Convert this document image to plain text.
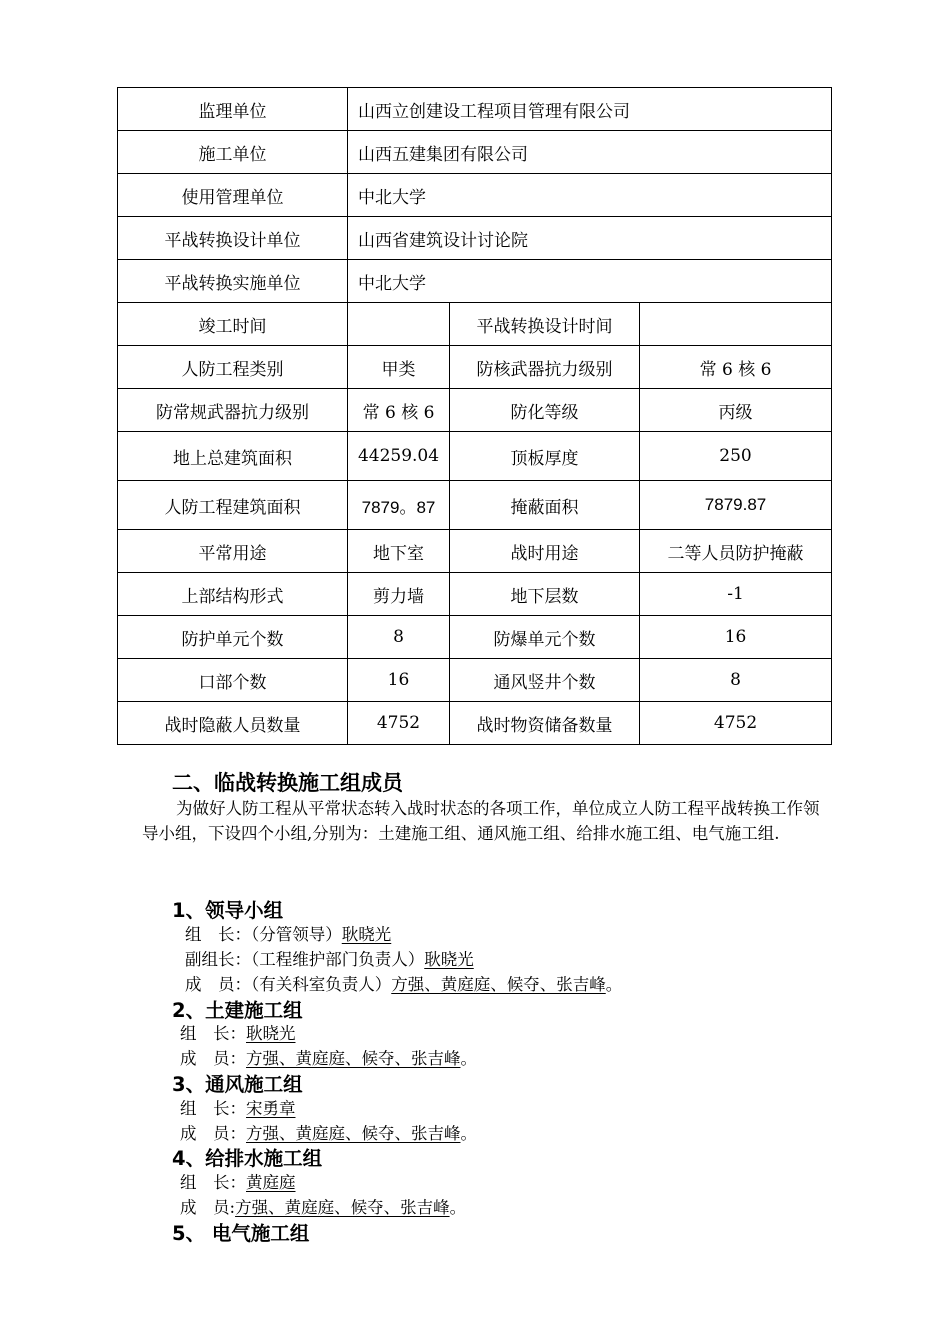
监理单位	山西立创建设工程项目管理有限公司		
施工单位	山西五建集团有限公司		
使用管理单位	中北大学		
平战转换设计单位	山西省建筑设计讨论院		
平战转换实施单位	中北大学		
竣工时间		平战转换设计时间	
人防工程类别	甲类	防核武器抗力级别	常 6 核 6
防常规武器抗力级别	常 6 核 6	防化等级	丙级
地上总建筑面积	44259.04	顶板厚度	250
人防工程建筑面积	7879。87	掩蔽面积	7879.87
平常用途	地下室	战时用途	二等人员防护掩蔽
上部结构形式	剪力墙	地下层数	-1
防护单元个数	8	防爆单元个数	16
口部个数	16	通风竖井个数	8
战时隐蔽人员数量	4752	战时物资储备数量	4752
二、临战转换施工组成员
为做好人防工程从平常状态转入战时状态的各项工作，单位成立人防工程平战转换工作领导小组，下设四个小组,分别为：土建施工组、通风施工组、给排水施工组、电气施工组.
1、领导小组
组　长：（分管领导）耿晓光
副组长：（工程维护部门负责人）耿晓光
成　员：（有关科室负责人）方强、黄庭庭、候夺、张吉峰。
2、土建施工组
组　长：耿晓光
成　员：方强、黄庭庭、候夺、张吉峰。
3、通风施工组
组　长：宋勇章
成　员：方强、黄庭庭、候夺、张吉峰。
4、给排水施工组
组　长：黄庭庭
成　员:方强、黄庭庭、候夺、张吉峰。
5、 电气施工组
